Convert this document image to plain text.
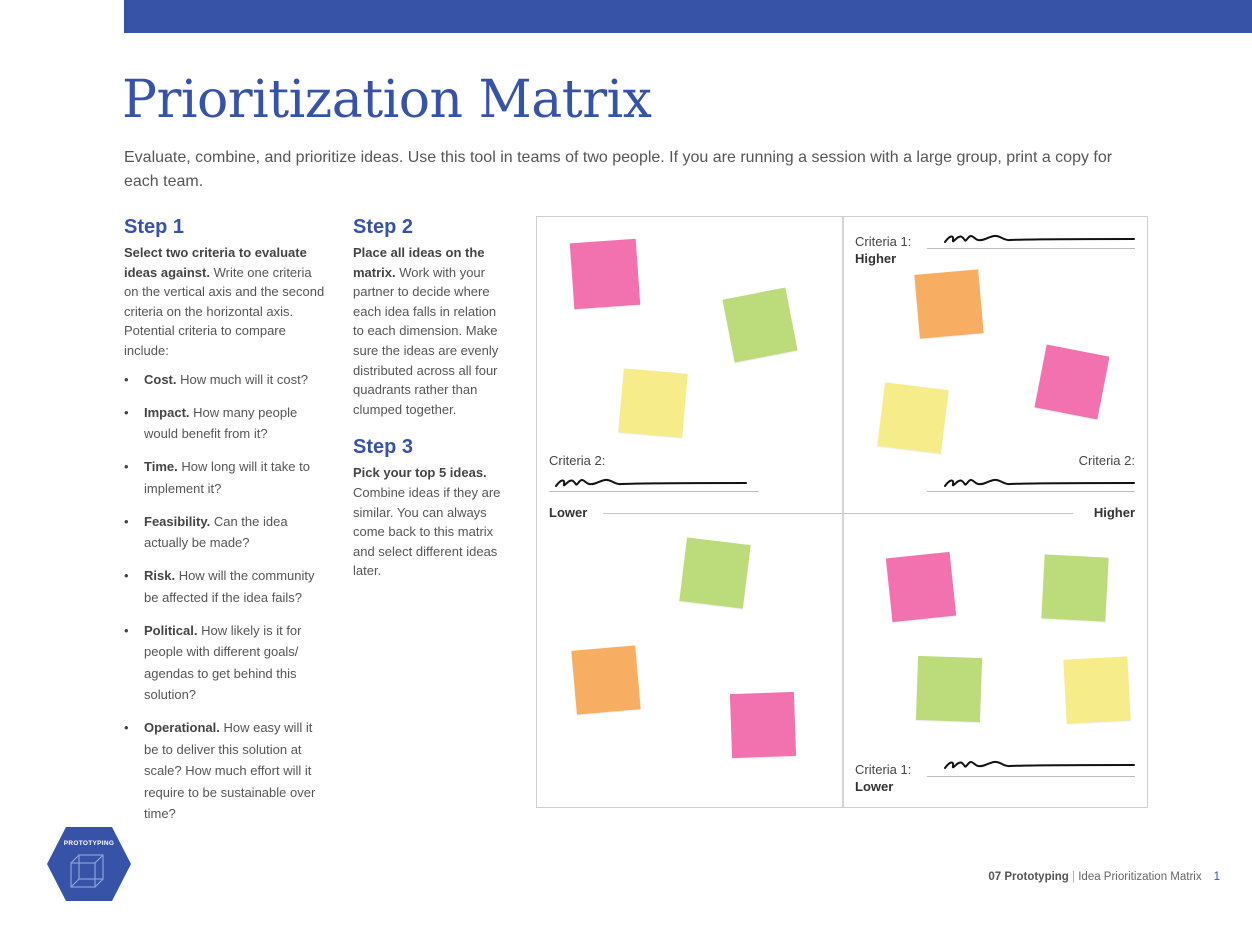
Prioritization Matrix

Evaluate, combine, and prioritize ideas. Use this tool in teams of two people. If you are running a session with a large group, print a copy for each team.

Step 1

Select two criteria to evaluate ideas against. Write one criteria on the vertical axis and the second criteria on the horizontal axis. Potential criteria to compare include:

• Cost. How much will it cost?
• Impact. How many people would benefit from it?
• Time. How long will it take to implement it?
• Feasibility. Can the idea actually be made?
• Risk. How will the community be affected if the idea fails?
• Political. How likely is it for people with different goals/ agendas to get behind this solution?
• Operational. How easy will it be to deliver this solution at scale? How much effort will it require to be sustainable over time?
Step 2

Place all ideas on the matrix. Work with your partner to decide where each idea falls in relation to each dimension. Make sure the ideas are evenly distributed across all four quadrants rather than clumped together.

Step 3

Pick your top 5 ideas. Combine ideas if they are similar. You can always come back to this matrix and select different ideas later.

Criteria 1:
Higher
Criteria 2:	Criteria 2:
Lower	Higher
Criteria 1:
Lower
PROTOTYPING
07 Prototyping | Idea Prioritization Matrix 1
